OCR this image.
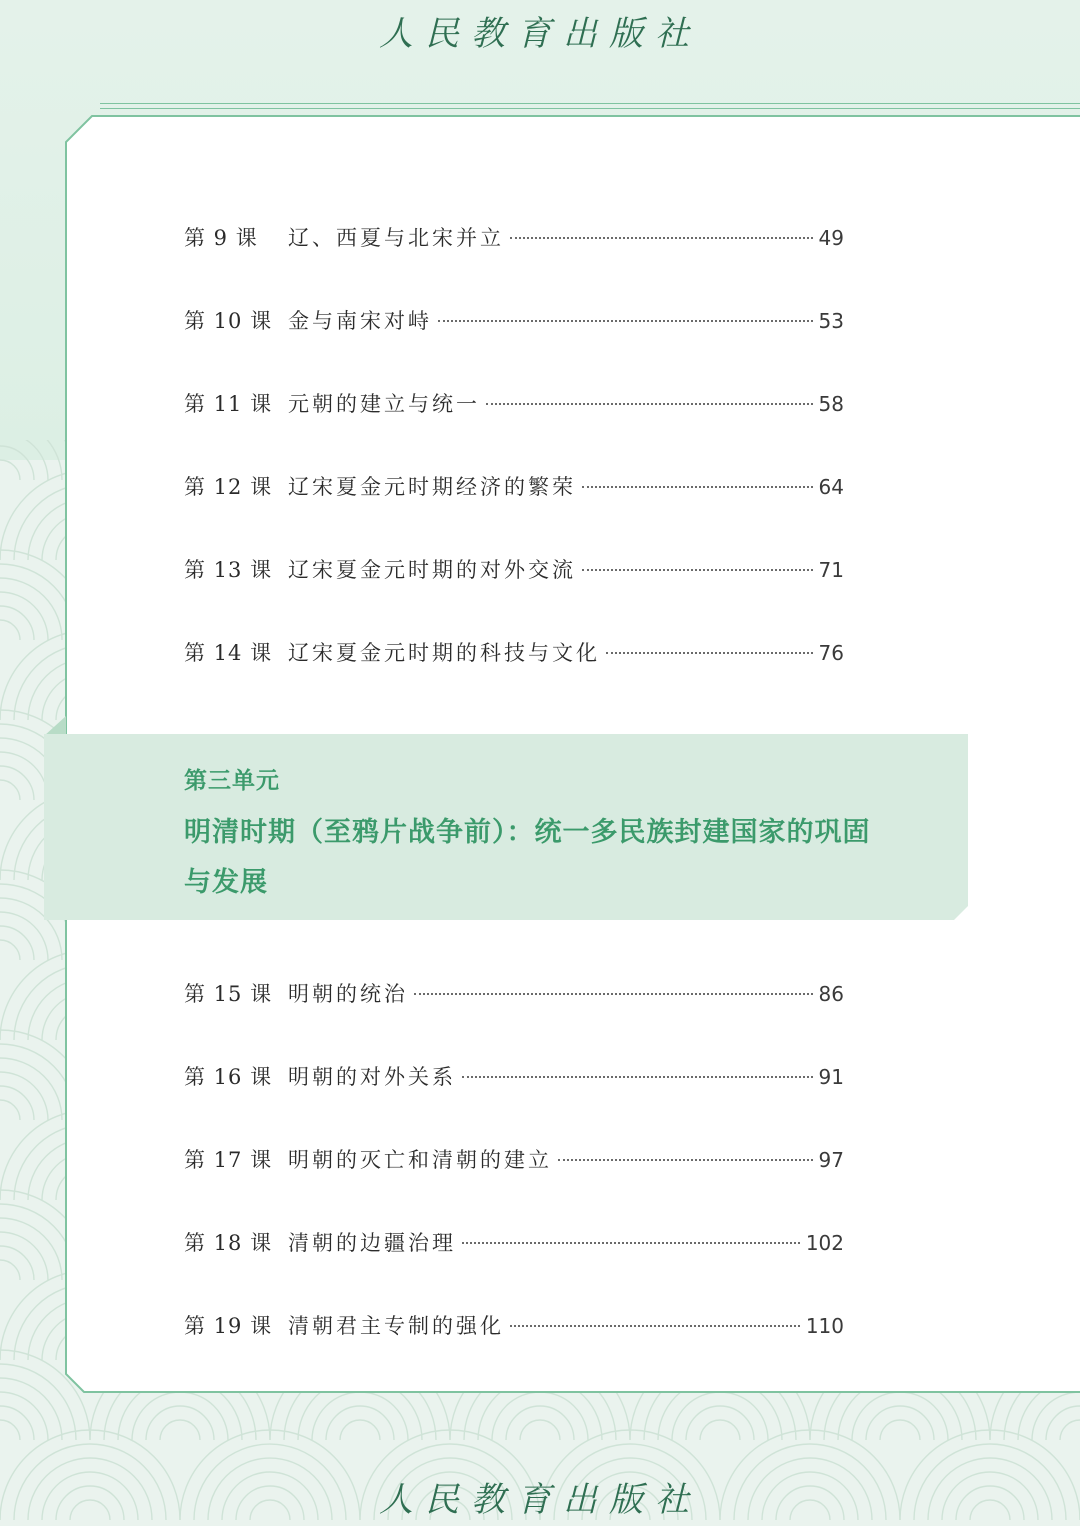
人民教育出版社
第 9 课	辽、西夏与北宋并立	49
第 10 课 金与南宋对峙	53
第 11 课 元朝的建立与统一	58
第 12 课 辽宋夏金元时期经济的繁荣	64
第 13 课 辽宋夏金元时期的对外交流	71
第 14 课 辽宋夏金元时期的科技与文化	76
第三单元
明清时期（至鸦片战争前）：统一多民族封建国家的巩固与发展
第 15 课 明朝的统治	86
第 16 课 明朝的对外关系	91
第 17 课 明朝的灭亡和清朝的建立	97
第 18 课 清朝的边疆治理	102
第 19 课 清朝君主专制的强化	110
人民教育出版社
